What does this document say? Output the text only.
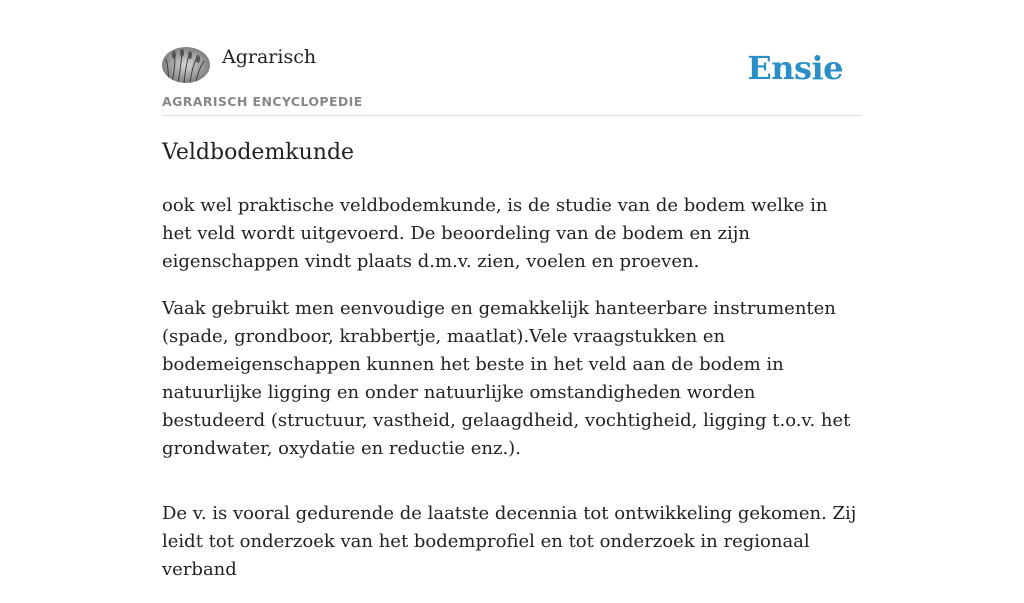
Agrarisch
AGRARISCH ENCYCLOPEDIE
Ensie
Veldbodemkunde

ook wel praktische veldbodemkunde, is de studie van de bodem welke in het veld wordt uitgevoerd. De beoordeling van de bodem en zijn eigenschappen vindt plaats d.m.v. zien, voelen en proeven.

Vaak gebruikt men eenvoudige en gemakkelijk hanteerbare instrumenten (spade, grondboor, krabbertje, maatlat).Vele vraagstukken en bodemeigenschappen kunnen het beste in het veld aan de bodem in natuurlijke ligging en onder natuurlijke omstandigheden worden bestudeerd (structuur, vastheid, gelaagdheid, vochtigheid, ligging t.o.v. het grondwater, oxydatie en reductie enz.).

De v. is vooral gedurende de laatste decennia tot ontwikkeling gekomen. Zij leidt tot onderzoek van het bodemprofiel en tot onderzoek in regionaal verband
